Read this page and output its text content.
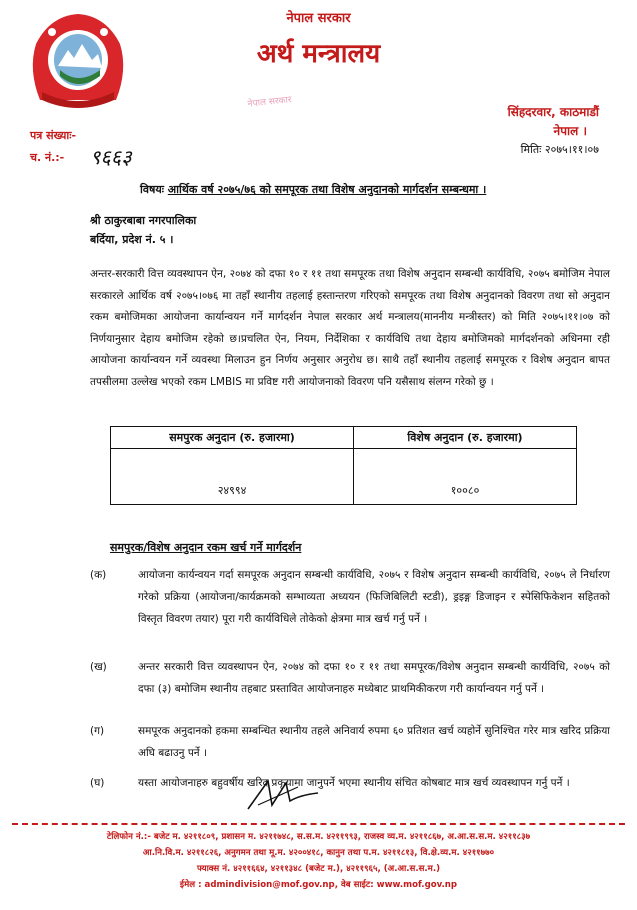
नेपाल सरकार
अर्थ मन्त्रालय
नेपाल सरकार
सिंहदरवार, काठमाडौं
नेपाल ।
मितिः २०७५।११।०७
पत्र संख्याः-
च. नं.:- ९६६३
विषयः आर्थिक वर्ष २०७५/७६ को समपूरक तथा विशेष अनुदानको मार्गदर्शन सम्बन्धमा ।
श्री ठाकुरबाबा नगरपालिका
बर्दिया, प्रदेश नं. ५ ।
अन्तर-सरकारी वित्त व्यवस्थापन ऐन, २०७४ को दफा १० र ११ तथा समपूरक तथा विशेष अनुदान सम्बन्धी कार्यविधि, २०७५ बमोजिम नेपाल सरकारले आर्थिक वर्ष २०७५।०७६ मा तहाँ स्थानीय तहलाई हस्तान्तरण गरिएको समपूरक तथा विशेष अनुदानको विवरण तथा सो अनुदान रकम बमोजिमका आयोजना कार्यान्वयन गर्ने मार्गदर्शन नेपाल सरकार अर्थ मन्त्रालय(माननीय मन्त्रीस्तर) को मिति २०७५।११।०७ को निर्णयानुसार देहाय बमोजिम रहेको छ।प्रचलित ऐन, नियम, निर्देशिका र कार्यविधि तथा देहाय बमोजिमको मार्गदर्शनको अधिनमा रही आयोजना कार्यान्वयन गर्ने व्यवस्था मिलाउन हुन निर्णय अनुसार अनुरोध छ। साथै तहाँ स्थानीय तहलाई समपूरक र विशेष अनुदान बापत तपसीलमा उल्लेख भएको रकम LMBIS मा प्रविष्ट गरी आयोजनाको विवरण पनि यसैसाथ संलग्न गरेको छु ।
समपुरक अनुदान (रु. हजारमा)	विशेष अनुदान (रु. हजारमा)
२४९९४	१००८०
समपुरक/विशेष अनुदान रकम खर्च गर्ने मार्गदर्शन
(क)	आयोजना कार्यन्वयन गर्दा समपूरक अनुदान सम्बन्धी कार्यविधि, २०७५ र विशेष अनुदान सम्बन्धी कार्यविधि, २०७५ ले निर्धारण गरेको प्रक्रिया (आयोजना/कार्यक्रमको सम्भाव्यता अध्ययन (फिजिबिलिटी स्टडी), ड्रइङ्ग डिजाइन र स्पेसिफिकेशन सहितको विस्तृत विवरण तयार) पूरा गरी कार्यविधिले तोकेको क्षेत्रमा मात्र खर्च गर्नु पर्ने ।
(ख)	अन्तर सरकारी वित्त व्यवस्थापन ऐन, २०७४ को दफा १० र ११ तथा समपूरक/विशेष अनुदान सम्बन्धी कार्यविधि, २०७५ को दफा (३) बमोजिम स्थानीय तहबाट प्रस्तावित आयोजनाहरु मध्येबाट प्राथमिकीकरण गरी कार्यान्वयन गर्नु पर्ने ।
(ग)	समपूरक अनुदानको हकमा सम्बन्धित स्थानीय तहले अनिवार्य रुपमा ६० प्रतिशत खर्च व्यहोर्ने सुनिश्चित गरेर मात्र खरिद प्रक्रिया अघि बढाउनु पर्ने ।
(घ)	यस्ता आयोजनाहरु बहुवर्षीय खरिद प्रकृयामा जानुपर्ने भएमा स्थानीय संचित कोषबाट मात्र खर्च व्यवस्थापन गर्नु पर्ने ।
टेलिफोन नं.:- बजेट म. ४२११८०९, प्रशासन म. ४२११७४८, स.स.म. ४२११९९३, राजस्व व्य.म. ४२११८६७, अ.आ.स.स.म. ४२११८३७
आ.नि.वि.म. ४२११८२६, अनुगमन तथा मू.म. ४२००४१८, कानुन तथा प.म. ४२११८१३, वि.क्षे.व्य.म. ४२११७७०
फ्याक्स नं. ४२११६६४, ४२११३४८ (बजेट म.), ४२११९६५, (अ.आ.स.स.म.)
ईमेल : admindivision@mof.gov.np, वेब साईट: www.mof.gov.np
